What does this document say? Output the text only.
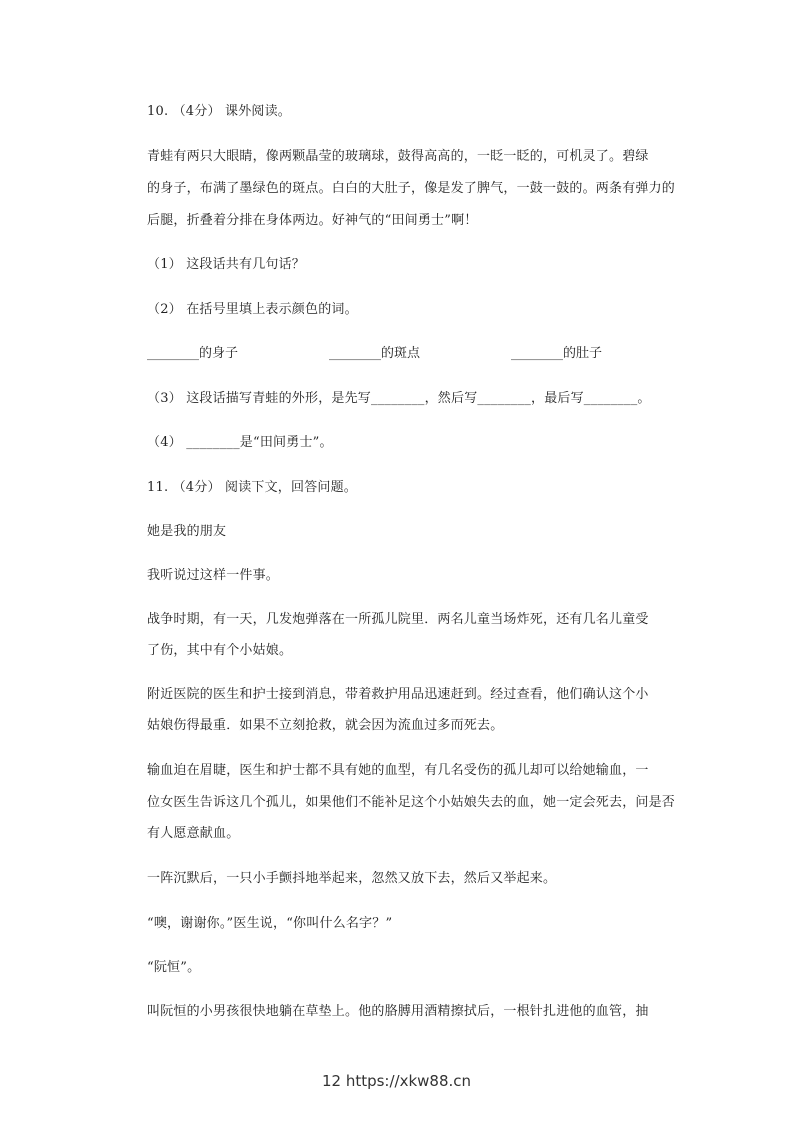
10. （4分） 课外阅读。
青蛙有两只大眼睛，像两颗晶莹的玻璃球，鼓得高高的，一眨一眨的，可机灵了。碧绿
的身子，布满了墨绿色的斑点。白白的大肚子，像是发了脾气，一鼓一鼓的。两条有弹力的
后腿，折叠着分排在身体两边。好神气的“田间勇士”啊！
（1） 这段话共有几句话？
（2） 在括号里填上表示颜色的词。
________的身子	________的斑点	________的肚子
（3） 这段话描写青蛙的外形，是先写________，然后写________，最后写________。
（4） ________是“田间勇士”。
11. （4分） 阅读下文，回答问题。
她是我的朋友
我听说过这样一件事。
战争时期，有一天，几发炮弹落在一所孤儿院里．两名儿童当场炸死，还有几名儿童受
了伤，其中有个小姑娘。
附近医院的医生和护士接到消息，带着救护用品迅速赶到。经过查看，他们确认这个小
姑娘伤得最重．如果不立刻抢救，就会因为流血过多而死去。
输血迫在眉睫，医生和护士都不具有她的血型，有几名受伤的孤儿却可以给她输血，一
位女医生告诉这几个孤儿，如果他们不能补足这个小姑娘失去的血，她一定会死去，问是否
有人愿意献血。
一阵沉默后，一只小手颤抖地举起来，忽然又放下去，然后又举起来。
“噢，谢谢你。”医生说，“你叫什么名字？”
“阮恒”。
叫阮恒的小男孩很快地躺在草垫上。他的胳膊用酒精擦拭后，一根针扎进他的血管，抽
12 https://xkw88.cn
